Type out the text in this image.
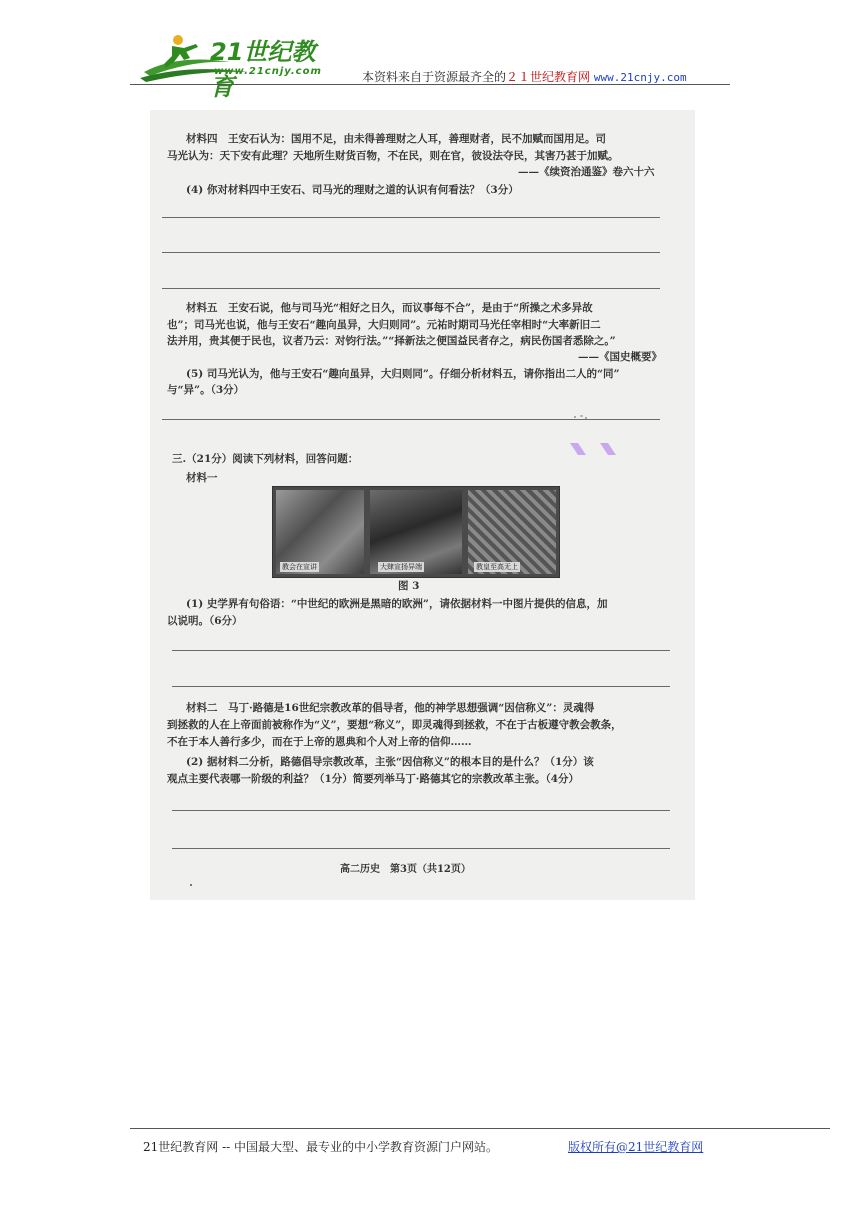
21世纪教育
www.21cnjy.com	本资料来自于资源最齐全的２１世纪教育网 www.21cnjy.com
材料四　王安石认为：国用不足，由未得善理财之人耳，善理财者，民不加赋而国用足。司
马光认为：天下安有此理？天地所生财货百物，不在民，则在官，彼设法夺民，其害乃甚于加赋。
——《续资治通鉴》卷六十六
(4) 你对材料四中王安石、司马光的理财之道的认识有何看法？（3分）
材料五　王安石说，他与司马光“相好之日久，而议事每不合”，是由于“所操之术多异故
也”；司马光也说，他与王安石“趣向虽异，大归则同”。元祐时期司马光任宰相时“大率新旧二
法并用，贵其便于民也，议者乃云：对钧行法。”“择新法之便国益民者存之，病民伤国者悉除之。”
——《国史概要》
(5) 司马光认为，他与王安石“趣向虽异，大归则同”。仔细分析材料五，请你指出二人的“同”
与“异”。（3分）
三.（21分）阅读下列材料，回答问题：
材料一
教会在宣讲	大肆宣扬异端	教皇至高无上
图 3
(1) 史学界有句俗语：“中世纪的欧洲是黑暗的欧洲”，请依据材料一中图片提供的信息，加
以说明。（6分）
材料二　马丁·路德是16世纪宗教改革的倡导者，他的神学思想强调“因信称义”：灵魂得
到拯救的人在上帝面前被称作为“义”，要想“称义”，即灵魂得到拯救，不在于古板遵守教会教条，
不在于本人善行多少，而在于上帝的恩典和个人对上帝的信仰……
(2) 据材料二分析，路德倡导宗教改革，主张“因信称义”的根本目的是什么？（1分）该
观点主要代表哪一阶级的利益？（1分）简要列举马丁·路德其它的宗教改革主张。（4分）
高二历史　第3页（共12页）
21世纪教育网 -- 中国最大型、最专业的中小学教育资源门户网站。	版权所有@21世纪教育网
